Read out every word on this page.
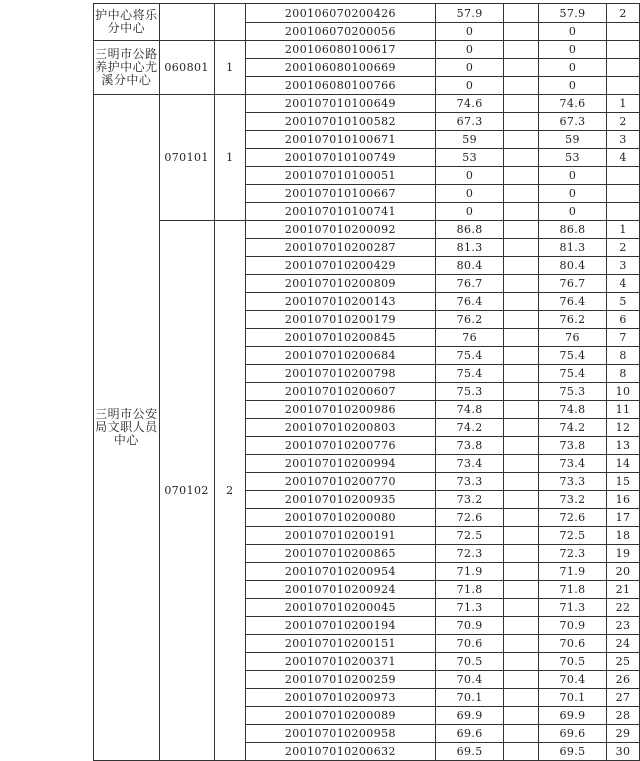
护中心将乐分中心			200106070200426	57.9		57.9	2
			200106070200056	0		0	
三明市公路养护中心尤溪分中心	060801	1	200106080100617	0		0	
			200106080100669	0		0	
			200106080100766	0		0	
三明市公安局文职人员中心	070101	1	200107010100649	74.6		74.6	1
			200107010100582	67.3		67.3	2
			200107010100671	59		59	3
			200107010100749	53		53	4
			200107010100051	0		0	
			200107010100667	0		0	
			200107010100741	0		0	
	070102	2	200107010200092	86.8		86.8	1
			200107010200287	81.3		81.3	2
			200107010200429	80.4		80.4	3
			200107010200809	76.7		76.7	4
			200107010200143	76.4		76.4	5
			200107010200179	76.2		76.2	6
			200107010200845	76		76	7
			200107010200684	75.4		75.4	8
			200107010200798	75.4		75.4	8
			200107010200607	75.3		75.3	10
			200107010200986	74.8		74.8	11
			200107010200803	74.2		74.2	12
			200107010200776	73.8		73.8	13
			200107010200994	73.4		73.4	14
			200107010200770	73.3		73.3	15
			200107010200935	73.2		73.2	16
			200107010200080	72.6		72.6	17
			200107010200191	72.5		72.5	18
			200107010200865	72.3		72.3	19
			200107010200954	71.9		71.9	20
			200107010200924	71.8		71.8	21
			200107010200045	71.3		71.3	22
			200107010200194	70.9		70.9	23
			200107010200151	70.6		70.6	24
			200107010200371	70.5		70.5	25
			200107010200259	70.4		70.4	26
			200107010200973	70.1		70.1	27
			200107010200089	69.9		69.9	28
			200107010200958	69.6		69.6	29
			200107010200632	69.5		69.5	30
